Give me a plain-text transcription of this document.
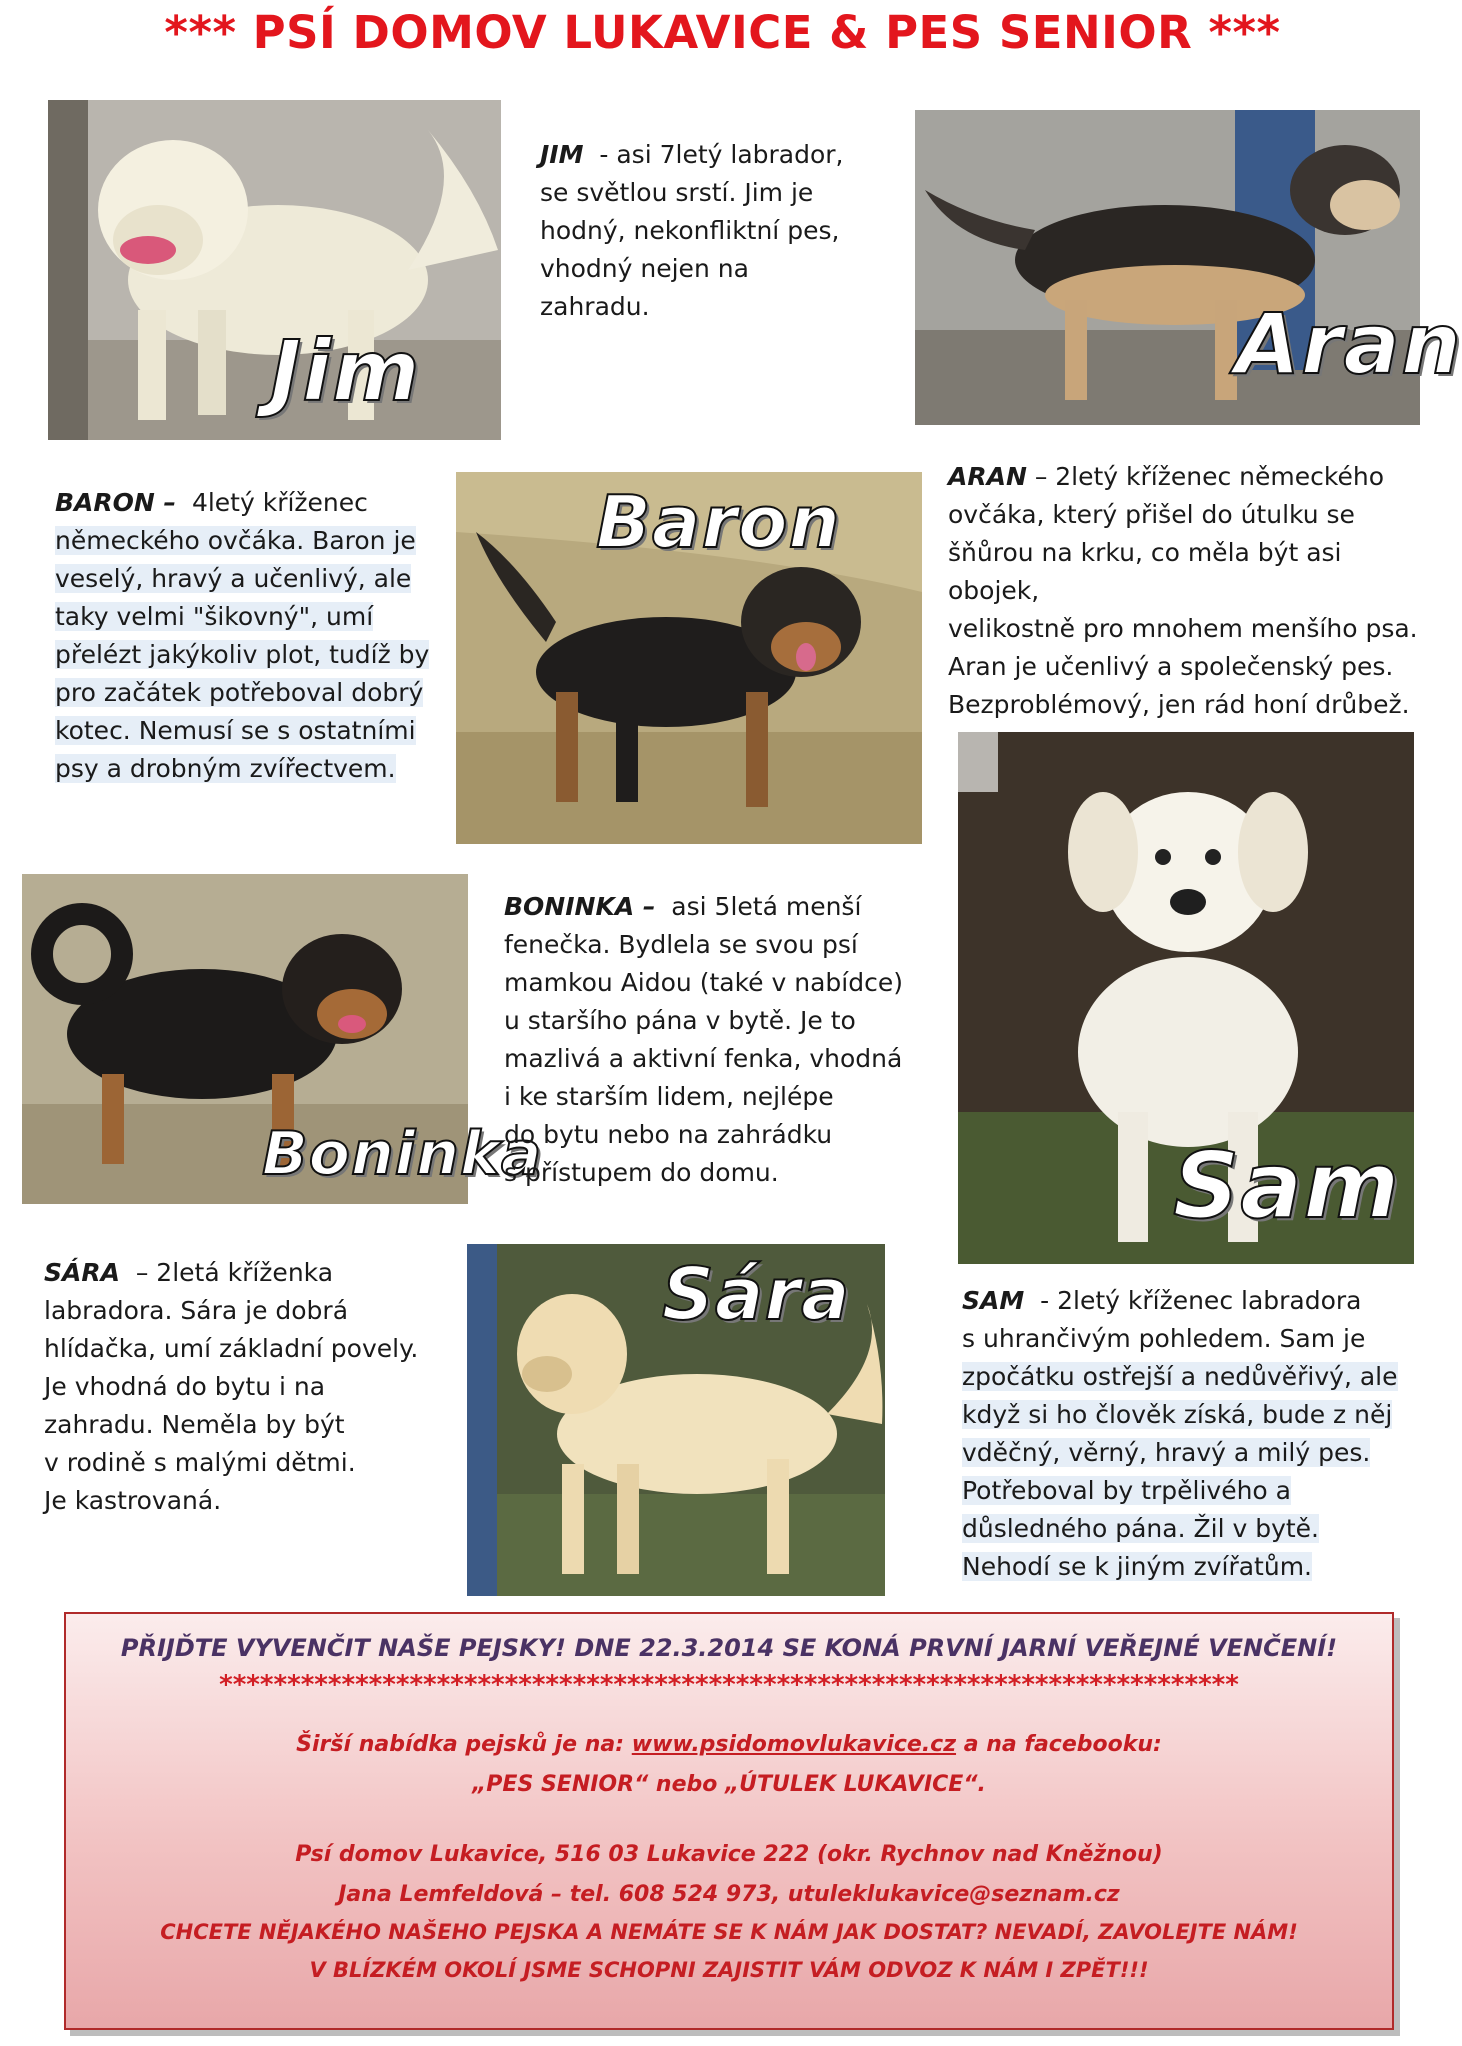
*** PSÍ DOMOV LUKAVICE & PES SENIOR ***
Jim	Aran

JIM - asi 7letý labrador,

se světlou srstí. Jim je

hodný, nekonfliktní pes,

vhodný nejen na

zahradu.

BARON – 4letý kříženec

německého ovčáka. Baron je

veselý, hravý a učenlivý, ale

taky velmi "šikovný", umí

přelézt jakýkoliv plot, tudíž by

pro začátek potřeboval dobrý

kotec. Nemusí se s ostatními

psy a drobným zvířectvem.

Baron

ARAN – 2letý kříženec německého

ovčáka, který přišel do útulku se

šňůrou na krku, co měla být asi obojek,

velikostně pro mnohem menšího psa.

Aran je učenlivý a společenský pes.

Bezproblémový, jen rád honí drůbež.

Boninka

BONINKA – asi 5letá menší

fenečka. Bydlela se svou psí

mamkou Aidou (také v nabídce)

u staršího pána v bytě. Je to

mazlivá a aktivní fenka, vhodná

i ke starším lidem, nejlépe

do bytu nebo na zahrádku

s přístupem do domu.	Sam

SÁRA – 2letá kříženka

labradora. Sára je dobrá

hlídačka, umí základní povely.

Je vhodná do bytu i na

zahradu. Neměla by být

v rodině s malými dětmi.

Je kastrovaná.

Sára	SAM - 2letý kříženec labradora

s uhrančivým pohledem. Sam je

zpočátku ostřejší a nedůvěřivý, ale

když si ho člověk získá, bude z něj

vděčný, věrný, hravý a milý pes.

Potřeboval by trpělivého a

důsledného pána. Žil v bytě.

Nehodí se k jiným zvířatům.

PŘIJĎTE VYVENČIT NAŠE PEJSKY! DNE 22.3.2014 SE KONÁ PRVNÍ JARNÍ VEŘEJNÉ VENČENÍ!
***************************************************************************
Širší nabídka pejsků je na: www.psidomovlukavice.cz a na facebooku:
„PES SENIOR“ nebo „ÚTULEK LUKAVICE“.
Psí domov Lukavice, 516 03 Lukavice 222 (okr. Rychnov nad Kněžnou)
Jana Lemfeldová – tel. 608 524 973, utuleklukavice@seznam.cz
CHCETE NĚJAKÉHO NAŠEHO PEJSKA A NEMÁTE SE K NÁM JAK DOSTAT? NEVADÍ, ZAVOLEJTE NÁM!
V BLÍZKÉM OKOLÍ JSME SCHOPNI ZAJISTIT VÁM ODVOZ K NÁM I ZPĚT!!!
